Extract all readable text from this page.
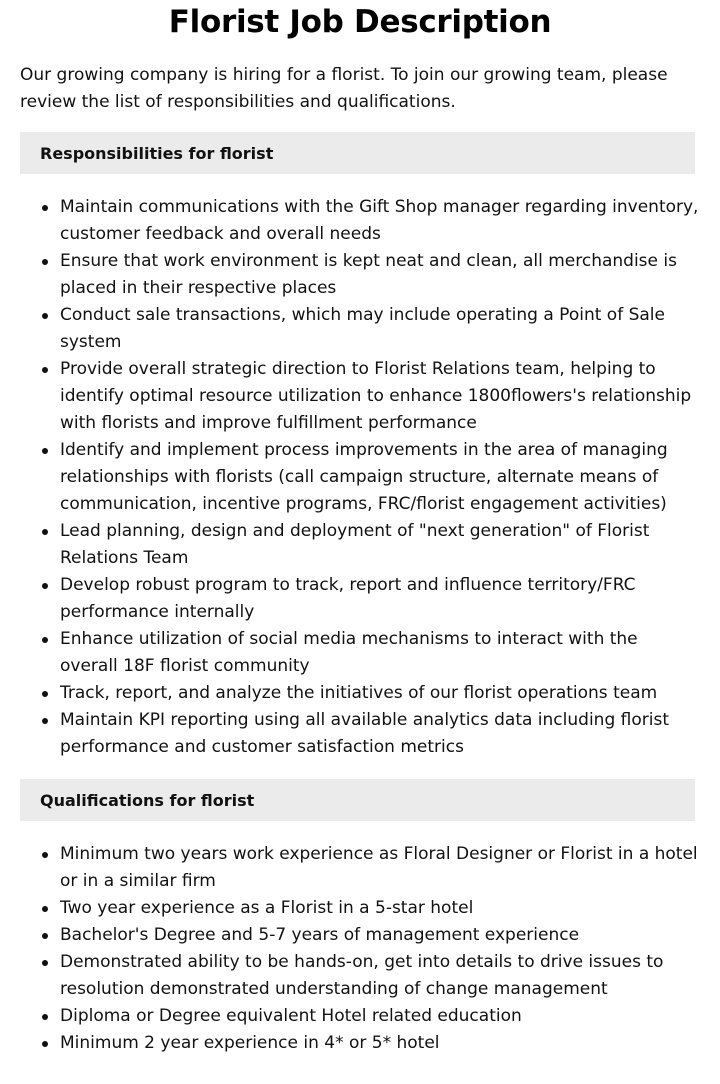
Florist Job Description

Our growing company is hiring for a florist. To join our growing team, please review the list of responsibilities and qualifications.

Responsibilities for florist
Maintain communications with the Gift Shop manager regarding inventory, customer feedback and overall needs
Ensure that work environment is kept neat and clean, all merchandise is placed in their respective places
Conduct sale transactions, which may include operating a Point of Sale system
Provide overall strategic direction to Florist Relations team, helping to identify optimal resource utilization to enhance 1800flowers's relationship with florists and improve fulfillment performance
Identify and implement process improvements in the area of managing relationships with florists (call campaign structure, alternate means of communication, incentive programs, FRC/florist engagement activities)
Lead planning, design and deployment of "next generation" of Florist Relations Team
Develop robust program to track, report and influence territory/FRC performance internally
Enhance utilization of social media mechanisms to interact with the overall 18F florist community
Track, report, and analyze the initiatives of our florist operations team
Maintain KPI reporting using all available analytics data including florist performance and customer satisfaction metrics
Qualifications for florist
Minimum two years work experience as Floral Designer or Florist in a hotel or in a similar firm
Two year experience as a Florist in a 5-star hotel
Bachelor's Degree and 5-7 years of management experience
Demonstrated ability to be hands-on, get into details to drive issues to resolution demonstrated understanding of change management
Diploma or Degree equivalent Hotel related education
Minimum 2 year experience in 4* or 5* hotel
